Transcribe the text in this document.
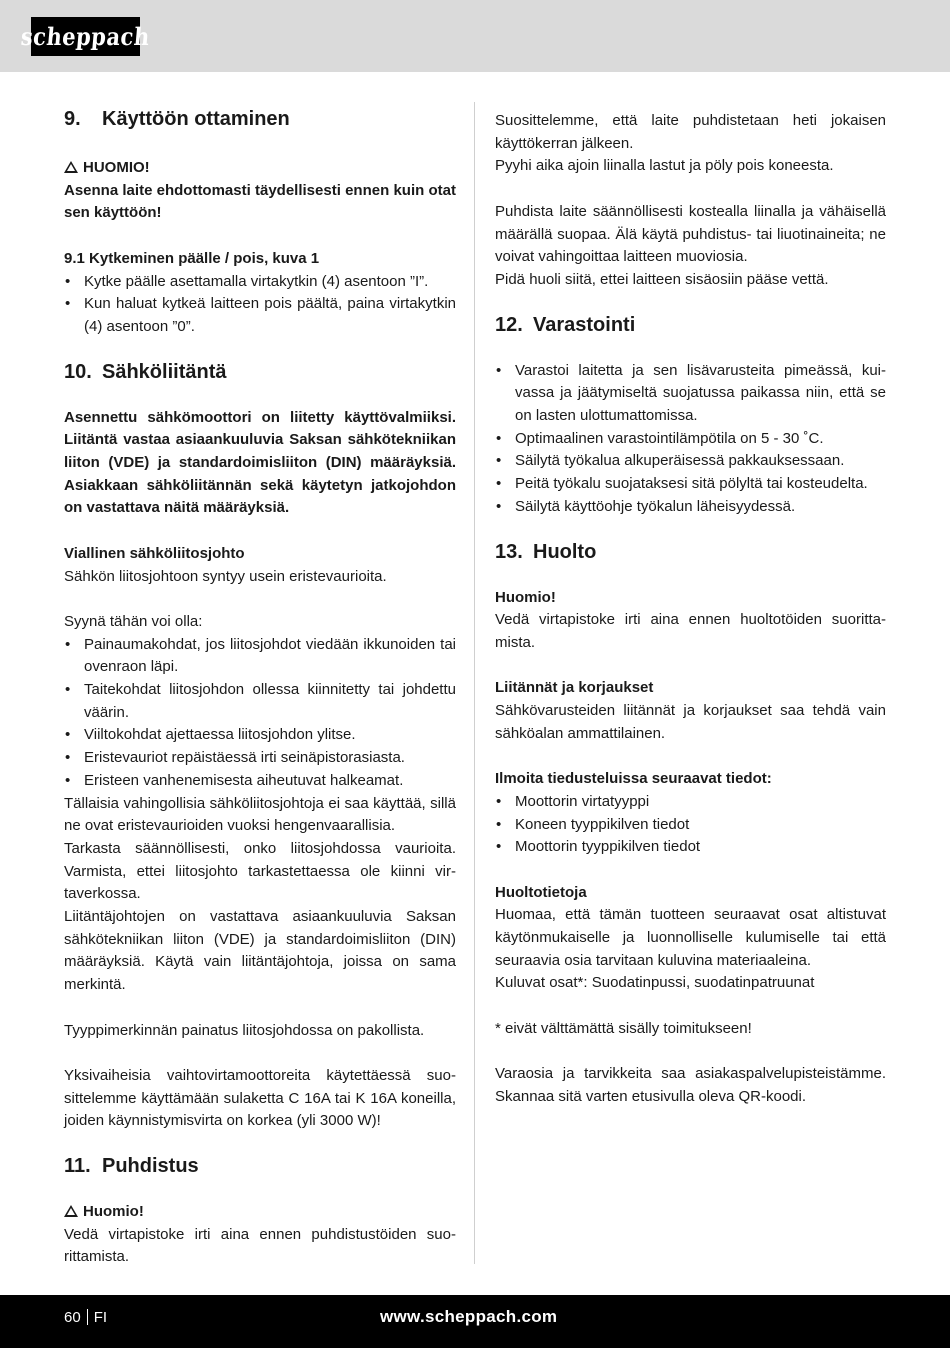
scheppach
9.	Käyttöön ottaminen
HUOMIO!
Asenna laite ehdottomasti täydellisesti ennen kuin otat sen käyttöön!
9.1 Kytkeminen päälle / pois, kuva 1
• Kytke päälle asettamalla virtakytkin (4) asentoon ”I”.
• Kun haluat kytkeä laitteen pois päältä, paina virtakytkin (4) asentoon ”0”.
10. Sähköliitäntä
Asennettu sähkömoottori on liitetty käyttövalmiiksi. Liitäntä vastaa asiaankuuluvia Saksan sähkötekniikan liiton (VDE) ja standardoimisliiton (DIN) määräyksiä. Asiakkaan sähköliitännän sekä käytetyn jatkojohdon on vastattava näitä määräyksiä.
Viallinen sähköliitosjohto
Sähkön liitosjohtoon syntyy usein eristevaurioita.
Syynä tähän voi olla:
• Painaumakohdat, jos liitosjohdot viedään ikkunoiden tai ovenraon läpi.
• Taitekohdat liitosjohdon ollessa kiinnitetty tai johdettu väärin.
• Viiltokohdat ajettaessa liitosjohdon ylitse.
• Eristevauriot repäistäessä irti seinäpistorasiasta.
• Eristeen vanhenemisesta aiheutuvat halkeamat.
Tällaisia vahingollisia sähköliitosjohtoja ei saa käyttää, sillä ne ovat eristevaurioiden vuoksi hengenvaarallisia.
Tarkasta säännöllisesti, onko liitosjohdossa vaurioita. Varmista, ettei liitosjohto tarkastettaessa ole kiinni virtaverkossa.
Liitäntäjohtojen on vastattava asiaankuuluvia Saksan sähkötekniikan liiton (VDE) ja standardoimisliiton (DIN) määräyksiä. Käytä vain liitäntäjohtoja, joissa on sama merkintä.
Tyyppimerkinnän painatus liitosjohdossa on pakollista.
Yksivaiheisia vaihtovirtamoottoreita käytettäessä suosittelemme käyttämään sulaketta C 16A tai K 16A koneilla, joiden käynnistymisvirta on korkea (yli 3000 W)!
11. Puhdistus
Huomio!
Vedä virtapistoke irti aina ennen puhdistustöiden suorittamista.
Suosittelemme, että laite puhdistetaan heti jokaisen käyttökerran jälkeen.
Pyyhi aika ajoin liinalla lastut ja pöly pois koneesta.
Puhdista laite säännöllisesti kostealla liinalla ja vähäisellä määrällä suopaa. Älä käytä puhdistus- tai liuotinaineita; ne voivat vahingoittaa laitteen muoviosia.
Pidä huoli siitä, ettei laitteen sisäosiin pääse vettä.
12. Varastointi
• Varastoi laitetta ja sen lisävarusteita pimeässä, kuivassa ja jäätymiseltä suojatussa paikassa niin, että se on lasten ulottumattomissa.
• Optimaalinen varastointilämpötila on 5 - 30 ˚C.
• Säilytä työkalua alkuperäisessä pakkauksessaan.
• Peitä työkalu suojataksesi sitä pölyltä tai kosteudelta.
• Säilytä käyttöohje työkalun läheisyydessä.
13. Huolto
Huomio!
Vedä virtapistoke irti aina ennen huoltotöiden suorittamista.
Liitännät ja korjaukset
Sähkövarusteiden liitännät ja korjaukset saa tehdä vain sähköalan ammattilainen.
Ilmoita tiedusteluissa seuraavat tiedot:
• Moottorin virtatyyppi
• Koneen tyyppikilven tiedot
• Moottorin tyyppikilven tiedot
Huoltotietoja
Huomaa, että tämän tuotteen seuraavat osat altistuvat käytönmukaiselle ja luonnolliselle kulumiselle tai että seuraavia osia tarvitaan kuluvina materiaaleina.
Kuluvat osat*: Suodatinpussi, suodatinpatruunat
* eivät välttämättä sisälly toimitukseen!
Varaosia ja tarvikkeita saa asiakaspalvelupisteistämme. Skannaa sitä varten etusivulla oleva QR-koodi.
60 FI	www.scheppach.com
